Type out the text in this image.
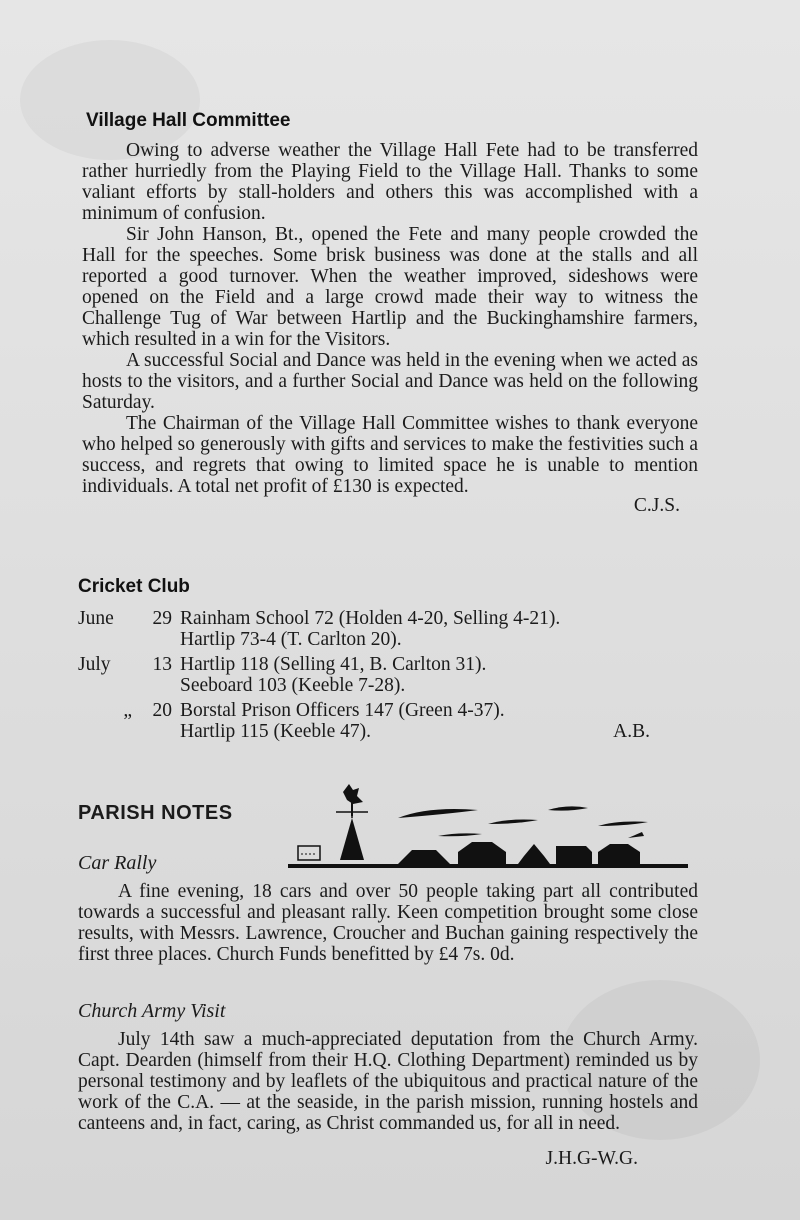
Village Hall Committee

Owing to adverse weather the Village Hall Fete had to be transferred rather hurriedly from the Playing Field to the Village Hall. Thanks to some valiant efforts by stall-holders and others this was accomplished with a minimum of confusion.

Sir John Hanson, Bt., opened the Fete and many people crowded the Hall for the speeches. Some brisk business was done at the stalls and all reported a good turnover. When the weather improved, sideshows were opened on the Field and a large crowd made their way to witness the Challenge Tug of War between Hartlip and the Buckinghamshire farmers, which resulted in a win for the Visitors.

A successful Social and Dance was held in the evening when we acted as hosts to the visitors, and a further Social and Dance was held on the following Saturday.

The Chairman of the Village Hall Committee wishes to thank everyone who helped so generously with gifts and services to make the festivities such a success, and regrets that owing to limited space he is unable to mention individuals. A total net profit of £130 is expected.

C.J.S.
Cricket Club
June	29 Rainham School 72 (Holden 4-20, Selling 4-21).
Hartlip 73-4 (T. Carlton 20).
July	13 Hartlip 118 (Selling 41, B. Carlton 31).
Seeboard 103 (Keeble 7-28).
„	20 Borstal Prison Officers 147 (Green 4-37).
Hartlip 115 (Keeble 47).	A.B.
PARISH NOTES
Car Rally

A fine evening, 18 cars and over 50 people taking part all contributed towards a successful and pleasant rally. Keen competition brought some close results, with Messrs. Lawrence, Croucher and Buchan gaining respectively the first three places. Church Funds benefitted by £4 7s. 0d.

Church Army Visit

July 14th saw a much-appreciated deputation from the Church Army. Capt. Dearden (himself from their H.Q. Clothing Department) reminded us by personal testimony and by leaflets of the ubiquitous and practical nature of the work of the C.A. — at the seaside, in the parish mission, running hostels and canteens and, in fact, caring, as Christ commanded us, for all in need.

J.H.G-W.G.
